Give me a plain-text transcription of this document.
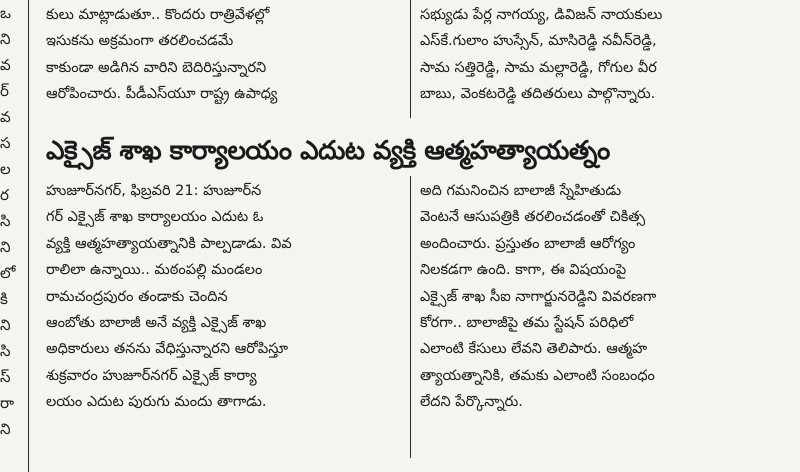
ఒ
ని
వ
ర్
వ
స
ల
ర
సి
ని
లో
కి
ని
సి
స్
రా
ని
కులు మాట్లాడుతూ.. కొందరు రాత్రివేళల్లో
ఇసుకను అక్రమంగా తరలించడమే
కాకుండా అడిగిన వారిని బెదిరిస్తున్నారని
ఆరోపించారు. పీడీఎస్‌యూ రాష్ట్ర ఉపాధ్య
సభ్యుడు పేర్ల నాగయ్య, డివిజన్ నాయకులు
ఎస్‌కే.గులాం హుస్సేన్, మాసిరెడ్డి నవీన్‌రెడ్డి,
సామ సత్తిరెడ్డి, సామ మల్లారెడ్డి, గోగుల వీర
బాబు, వెంకటరెడ్డి తదితరులు పాల్గొన్నారు.
ఎక్సైజ్ శాఖ కార్యాలయం ఎదుట వ్యక్తి ఆత్మహత్యాయత్నం
హుజూర్‌నగర్, ఫిబ్రవరి 21: హుజూర్‌న
గర్ ఎక్సైజ్ శాఖ కార్యాలయం ఎదుట ఓ
వ్యక్తి ఆత్మహత్యాయత్నానికి పాల్పడాడు. వివ
రాలిలా ఉన్నాయి.. మఠంపల్లి మండలం
రామచంద్రపురం తండాకు చెందిన
ఆంబోతు బాలాజీ అనే వ్యక్తి ఎక్సైజ్ శాఖ
అధికారులు తనను వేధిస్తున్నారని ఆరోపిస్తూ
శుక్రవారం హుజూర్‌నగర్ ఎక్సైజ్ కార్యా
లయం ఎదుట పురుగు మందు తాగాడు.
అది గమనించిన బాలాజీ స్నేహితుడు
వెంటనే ఆసుపత్రికి తరలించడంతో చికిత్స
అందించారు. ప్రస్తుతం బాలాజీ ఆరోగ్యం
నిలకడగా ఉంది. కాగా, ఈ విషయంపై
ఎక్సైజ్ శాఖ సీఐ నాగార్జునరెడ్డిని వివరణగా
కోరగా.. బాలాజీపై తమ స్టేషన్ పరిధిలో
ఎలాంటి కేసులు లేవని తెలిపారు. ఆత్మహ
త్యాయత్నానికి, తమకు ఎలాంటి సంబంధం
లేదని పేర్కొన్నారు.
